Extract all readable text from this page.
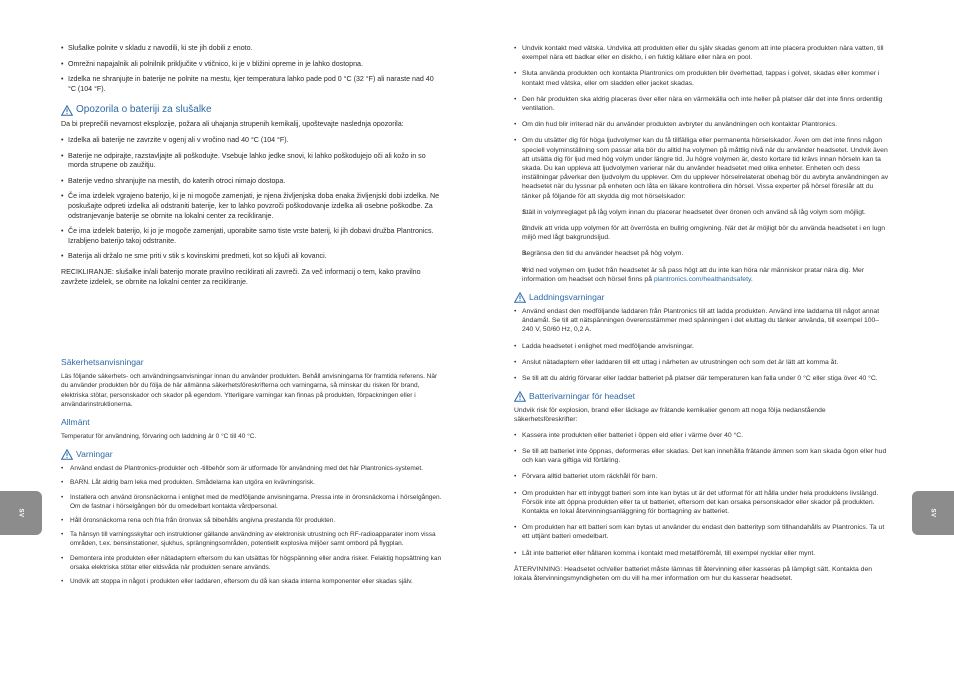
• Slušalke polnite v skladu z navodili, ki ste jih dobili z enoto.
• Omrežni napajalnik ali polnilnik priključite v vtičnico, ki je v bližini opreme in je lahko dostopna.
• Izdelka ne shranjujte in baterije ne polnite na mestu, kjer temperatura lahko pade pod 0 °C (32 °F) ali naraste nad 40 °C (104 °F).
Opozorila o bateriji za slušalke

Da bi preprečili nevarnost eksplozije, požara ali uhajanja strupenih kemikalij, upoštevajte naslednja opozorila:

• Izdelka ali baterije ne zavrzite v ogenj ali v vročino nad 40 °C (104 °F).
• Baterije ne odpirajte, razstavljajte ali poškodujte. Vsebuje lahko jedke snovi, ki lahko poškodujejo oči ali kožo in so morda strupene ob zaužitju.
• Baterije vedno shranjujte na mestih, do katerih otroci nimajo dostopa.
• Če ima izdelek vgrajeno baterijo, ki je ni mogoče zamenjati, je njena življenjska doba enaka življenjski dobi izdelka. Ne poskušajte odpreti izdelka ali odstraniti baterije, ker to lahko povzroči poškodovanje izdelka ali osebne poškodbe. Za odstranjevanje baterije se obrnite na lokalni center za recikliranje.
• Če ima izdelek baterijo, ki jo je mogoče zamenjati, uporabite samo tiste vrste baterij, ki jih dobavi družba Plantronics. Izrabljeno baterijo takoj odstranite.
• Baterija ali držalo ne sme priti v stik s kovinskimi predmeti, kot so ključi ali kovanci.

RECIKLIRANJE: slušalke in/ali baterijo morate pravilno reciklirati ali zavreči. Za več informacij o tem, kako pravilno zavržete izdelek, se obrnite na lokalni center za recikliranje.

Säkerhetsanvisningar

Läs följande säkerhets- och användningsanvisningar innan du använder produkten. Behåll anvisningarna för framtida referens. När du använder produkten bör du följa de här allmänna säkerhetsföreskrifterna och varningarna, så minskar du risken för brand, elektriska stötar, personskador och skador på egendom. Ytterligare varningar kan finnas på produkten, förpackningen eller i användarinstruktionerna.

Allmänt

Temperatur för användning, förvaring och laddning är 0 °C till 40 °C.

Varningar
• Använd endast de Plantronics-produkter och -tillbehör som är utformade för användning med det här Plantronics-systemet.
• BARN. Låt aldrig barn leka med produkten. Smådelarna kan utgöra en kvävningsrisk.
• Installera och använd öronsnäckorna i enlighet med de medföljande anvisningarna. Pressa inte in öronsnäckorna i hörselgången. Om de fastnar i hörselgången bör du omedelbart kontakta vårdpersonal.
• Håll öronsnäckorna rena och fria från öronvax så bibehålls angivna prestanda för produkten.
• Ta hänsyn till varningsskyltar och instruktioner gällande användning av elektronisk utrustning och RF-radioapparater inom vissa områden, t.ex. bensinstationer, sjukhus, sprängningsområden, potentiellt explosiva miljöer samt ombord på flygplan.
• Demontera inte produkten eller nätadaptern eftersom du kan utsättas för högspänning eller andra risker. Felaktig hopsättning kan orsaka elektriska stötar eller eldsvåda när produkten senare används.
• Undvik att stoppa in något i produkten eller laddaren, eftersom du då kan skada interna komponenter eller skadas själv.
• Undvik kontakt med vätska. Undvika att produkten eller du själv skadas genom att inte placera produkten nära vatten, till exempel nära ett badkar eller en diskho, i en fuktig källare eller nära en pool.
• Sluta använda produkten och kontakta Plantronics om produkten blir överhettad, tappas i golvet, skadas eller kommer i kontakt med vätska, eller om sladden eller jacket skadas.
• Den här produkten ska aldrig placeras över eller nära en värmekälla och inte heller på platser där det inte finns ordentlig ventilation.
• Om din hud blir irriterad när du använder produkten avbryter du användningen och kontaktar Plantronics.
• Om du utsätter dig för höga ljudvolymer kan du få tillfälliga eller permanenta hörselskador. Även om det inte finns någon speciell volyminställning som passar alla bör du alltid ha volymen på måttlig nivå när du använder headsetet. Undvik även att utsätta dig för ljud med hög volym under längre tid. Ju högre volymen är, desto kortare tid krävs innan hörseln kan ta skada. Du kan uppleva att ljudvolymen varierar när du använder headsetet med olika enheter. Enheten och dess inställningar påverkar den ljudvolym du upplever. Om du upplever hörselrelaterat obehag bör du avbryta användningen av headsetet när du lyssnar på enheten och låta en läkare kontrollera din hörsel. Vissa experter på hörsel föreslår att du tänker på följande för att skydda dig mot hörselskador:
1. Ställ in volymreglaget på låg volym innan du placerar headsetet över öronen och använd så låg volym som möjligt.
2. Undvik att vrida upp volymen för att överrösta en bullrig omgivning. När det är möjligt bör du använda headsetet i en lugn miljö med lågt bakgrundsljud.
3. Begränsa den tid du använder headset på hög volym.
4. Vrid ned volymen om ljudet från headsetet är så pass högt att du inte kan höra när människor pratar nära dig. Mer information om headset och hörsel finns på plantronics.com/healthandsafety.
Laddningsvarningar
• Använd endast den medföljande laddaren från Plantronics till att ladda produkten. Använd inte laddarna till något annat ändamål. Se till att nätspänningen överensstämmer med spänningen i det eluttag du tänker använda, till exempel 100–240 V, 50/60 Hz, 0,2 A.
• Ladda headsetet i enlighet med medföljande anvisningar.
• Anslut nätadaptern eller laddaren till ett uttag i närheten av utrustningen och som det är lätt att komma åt.
• Se till att du aldrig förvarar eller laddar batteriet på platser där temperaturen kan falla under 0 °C eller stiga över 40 °C.
Batterivarningar för headset

Undvik risk för explosion, brand eller läckage av frätande kemikalier genom att noga följa nedanstående säkerhetsföreskrifter:

• Kassera inte produkten eller batteriet i öppen eld eller i värme över 40 °C.
• Se till att batteriet inte öppnas, deformeras eller skadas. Det kan innehålla frätande ämnen som kan skada ögon eller hud och kan vara giftiga vid förtäring.
• Förvara alltid batteriet utom räckhåll för barn.
• Om produkten har ett inbyggt batteri som inte kan bytas ut är det utformat för att hålla under hela produktens livslängd. Försök inte att öppna produkten eller ta ut batteriet, eftersom det kan orsaka personskador eller skador på produkten. Kontakta en lokal återvinningsanläggning för borttagning av batteriet.
• Om produkten har ett batteri som kan bytas ut använder du endast den batterityp som tillhandahålls av Plantronics. Ta ut ett uttjänt batteri omedelbart.
• Låt inte batteriet eller hållaren komma i kontakt med metallföremål, till exempel nycklar eller mynt.

ÅTERVINNING: Headsetet och/eller batteriet måste lämnas till återvinning eller kasseras på lämpligt sätt. Kontakta den lokala återvinningsmyndigheten om du vill ha mer information om hur du kasserar headsetet.

SV	SV
